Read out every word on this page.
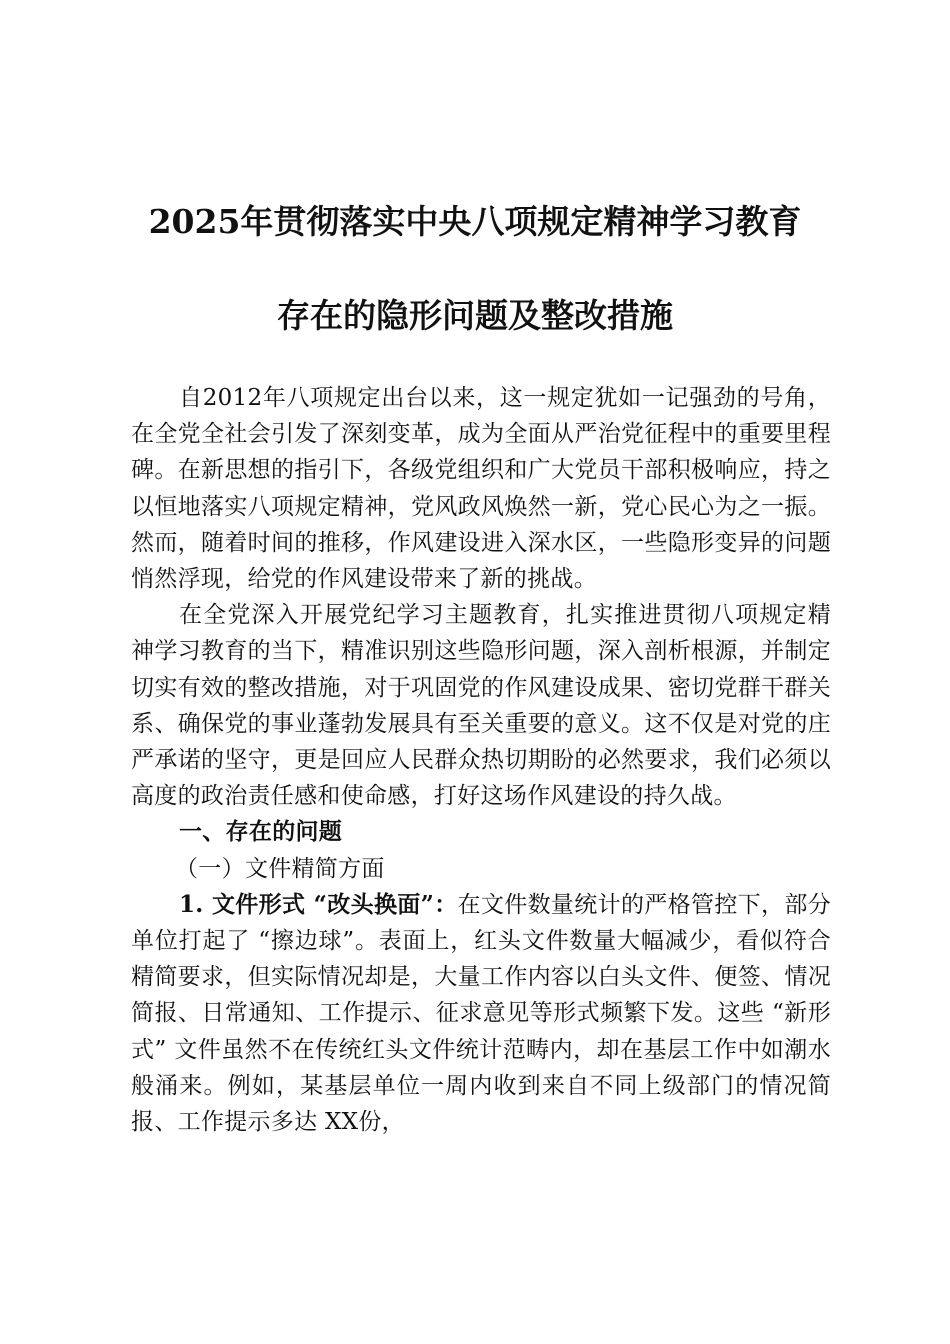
2025年贯彻落实中央八项规定精神学习教育
存在的隐形问题及整改措施

自2012年八项规定出台以来，这一规定犹如一记强劲的号角，在全党全社会引发了深刻变革，成为全面从严治党征程中的重要里程碑。在新思想的指引下，各级党组织和广大党员干部积极响应，持之以恒地落实八项规定精神，党风政风焕然一新，党心民心为之一振。然而，随着时间的推移，作风建设进入深水区，一些隐形变异的问题悄然浮现，给党的作风建设带来了新的挑战。

在全党深入开展党纪学习主题教育，扎实推进贯彻八项规定精神学习教育的当下，精准识别这些隐形问题，深入剖析根源，并制定切实有效的整改措施，对于巩固党的作风建设成果、密切党群干群关系、确保党的事业蓬勃发展具有至关重要的意义。这不仅是对党的庄严承诺的坚守，更是回应人民群众热切期盼的必然要求，我们必须以高度的政治责任感和使命感，打好这场作风建设的持久战。

一、存在的问题

（一）文件精简方面

1. 文件形式 “改头换面”：在文件数量统计的严格管控下，部分单位打起了 “擦边球”。表面上，红头文件数量大幅减少，看似符合精简要求，但实际情况却是，大量工作内容以白头文件、便签、情况简报、日常通知、工作提示、征求意见等形式频繁下发。这些 “新形式” 文件虽然不在传统红头文件统计范畴内，却在基层工作中如潮水般涌来。例如，某基层单位一周内收到来自不同上级部门的情况简报、工作提示多达 XX份，
